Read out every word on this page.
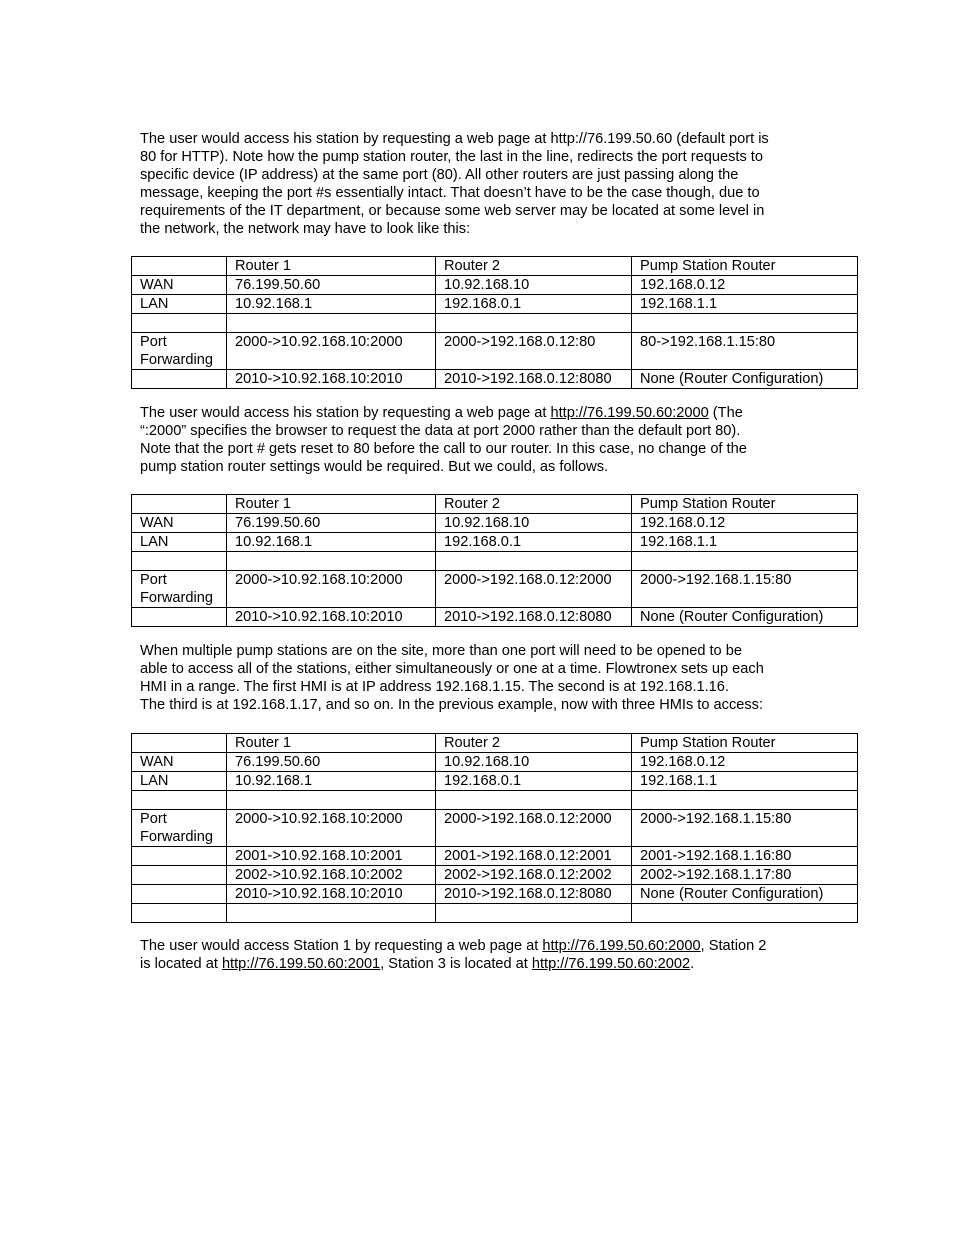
The user would access his station by requesting a web page at http://76.199.50.60 (default port is
80 for HTTP). Note how the pump station router, the last in the line, redirects the port requests to
specific device (IP address) at the same port (80). All other routers are just passing along the
message, keeping the port #s essentially intact. That doesn’t have to be the case though, due to
requirements of the IT department, or because some web server may be located at some level in
the network, the network may have to look like this:

	Router 1	Router 2	Pump Station Router
WAN	76.199.50.60	10.92.168.10	192.168.0.12
LAN	10.92.168.1	192.168.0.1	192.168.1.1

Port Forwarding	2000->10.92.168.10:2000	2000->192.168.0.12:80	80->192.168.1.15:80
	2010->10.92.168.10:2010	2010->192.168.0.12:8080	None (Router Configuration)

The user would access his station by requesting a web page at http://76.199.50.60:2000 (The
“:2000” specifies the browser to request the data at port 2000 rather than the default port 80).
Note that the port # gets reset to 80 before the call to our router. In this case, no change of the
pump station router settings would be required. But we could, as follows.

	Router 1	Router 2	Pump Station Router
WAN	76.199.50.60	10.92.168.10	192.168.0.12
LAN	10.92.168.1	192.168.0.1	192.168.1.1

Port Forwarding	2000->10.92.168.10:2000	2000->192.168.0.12:2000	2000->192.168.1.15:80
	2010->10.92.168.10:2010	2010->192.168.0.12:8080	None (Router Configuration)

When multiple pump stations are on the site, more than one port will need to be opened to be
able to access all of the stations, either simultaneously or one at a time. Flowtronex sets up each
HMI in a range. The first HMI is at IP address 192.168.1.15. The second is at 192.168.1.16.
The third is at 192.168.1.17, and so on. In the previous example, now with three HMIs to access:

	Router 1	Router 2	Pump Station Router
WAN	76.199.50.60	10.92.168.10	192.168.0.12
LAN	10.92.168.1	192.168.0.1	192.168.1.1

Port Forwarding	2000->10.92.168.10:2000	2000->192.168.0.12:2000	2000->192.168.1.15:80
	2001->10.92.168.10:2001	2001->192.168.0.12:2001	2001->192.168.1.16:80
	2002->10.92.168.10:2002	2002->192.168.0.12:2002	2002->192.168.1.17:80
	2010->10.92.168.10:2010	2010->192.168.0.12:8080	None (Router Configuration)

The user would access Station 1 by requesting a web page at http://76.199.50.60:2000, Station 2
is located at http://76.199.50.60:2001, Station 3 is located at http://76.199.50.60:2002.
